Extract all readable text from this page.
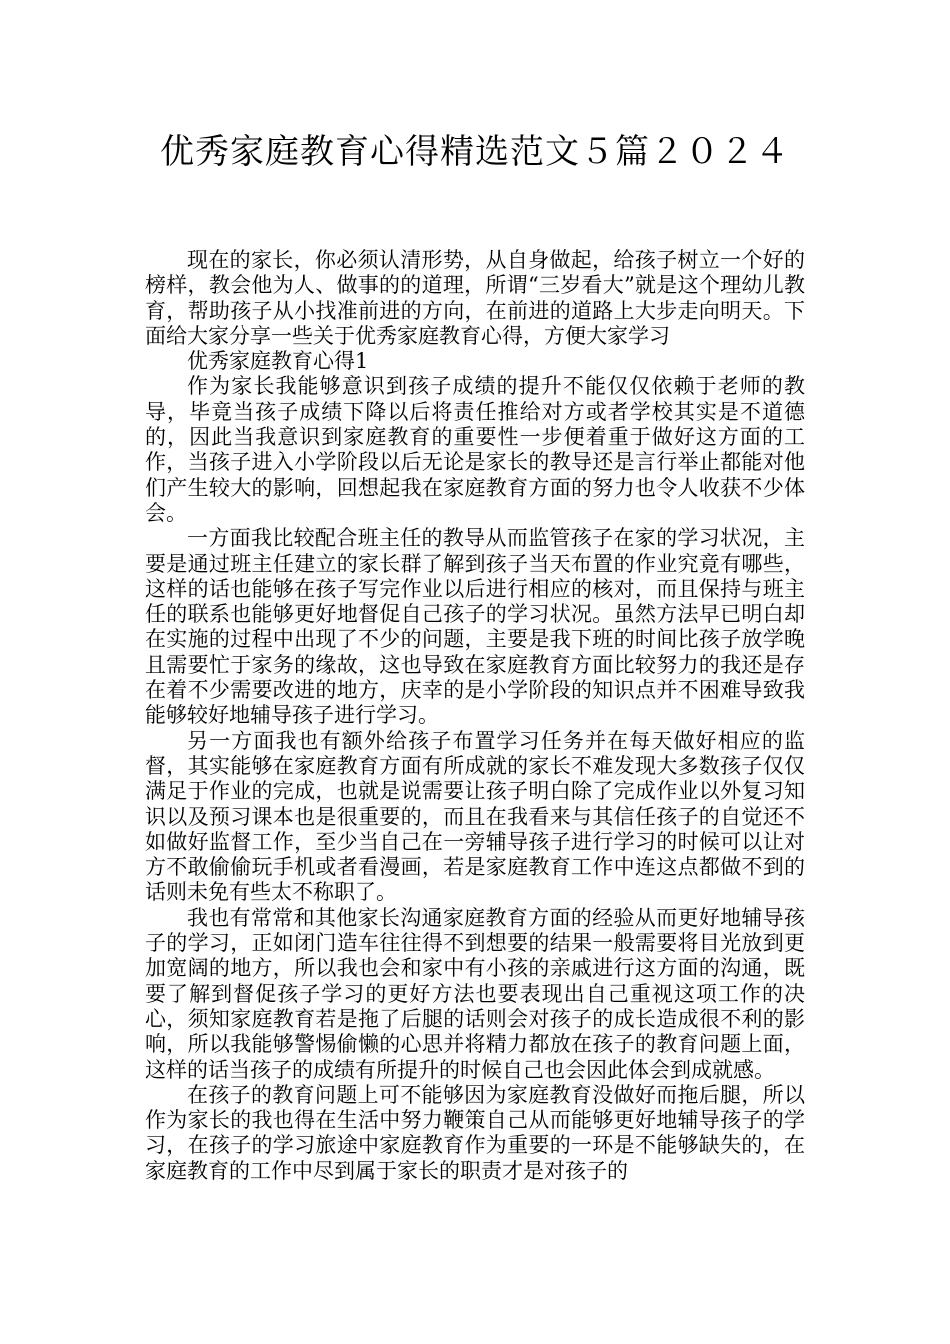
优秀家庭教育心得精选范文５篇２０２４

现在的家长，你必须认清形势，从自身做起，给孩子树立一个好的榜样，教会他为人、做事的的道理，所谓“三岁看大”就是这个理幼儿教育，帮助孩子从小找准前进的方向，在前进的道路上大步走向明天。下面给大家分享一些关于优秀家庭教育心得，方便大家学习

优秀家庭教育心得1

作为家长我能够意识到孩子成绩的提升不能仅仅依赖于老师的教导，毕竟当孩子成绩下降以后将责任推给对方或者学校其实是不道德的，因此当我意识到家庭教育的重要性一步便着重于做好这方面的工作，当孩子进入小学阶段以后无论是家长的教导还是言行举止都能对他们产生较大的影响，回想起我在家庭教育方面的努力也令人收获不少体会。

一方面我比较配合班主任的教导从而监管孩子在家的学习状况，主要是通过班主任建立的家长群了解到孩子当天布置的作业究竟有哪些，这样的话也能够在孩子写完作业以后进行相应的核对，而且保持与班主任的联系也能够更好地督促自己孩子的学习状况。虽然方法早已明白却在实施的过程中出现了不少的问题，主要是我下班的时间比孩子放学晚且需要忙于家务的缘故，这也导致在家庭教育方面比较努力的我还是存在着不少需要改进的地方，庆幸的是小学阶段的知识点并不困难导致我能够较好地辅导孩子进行学习。

另一方面我也有额外给孩子布置学习任务并在每天做好相应的监督，其实能够在家庭教育方面有所成就的家长不难发现大多数孩子仅仅满足于作业的完成，也就是说需要让孩子明白除了完成作业以外复习知识以及预习课本也是很重要的，而且在我看来与其信任孩子的自觉还不如做好监督工作，至少当自己在一旁辅导孩子进行学习的时候可以让对方不敢偷偷玩手机或者看漫画，若是家庭教育工作中连这点都做不到的话则未免有些太不称职了。

我也有常常和其他家长沟通家庭教育方面的经验从而更好地辅导孩子的学习，正如闭门造车往往得不到想要的结果一般需要将目光放到更加宽阔的地方，所以我也会和家中有小孩的亲戚进行这方面的沟通，既要了解到督促孩子学习的更好方法也要表现出自己重视这项工作的决心，须知家庭教育若是拖了后腿的话则会对孩子的成长造成很不利的影响，所以我能够警惕偷懒的心思并将精力都放在孩子的教育问题上面，这样的话当孩子的成绩有所提升的时候自己也会因此体会到成就感。

在孩子的教育问题上可不能够因为家庭教育没做好而拖后腿，所以作为家长的我也得在生活中努力鞭策自己从而能够更好地辅导孩子的学习，在孩子的学习旅途中家庭教育作为重要的一环是不能够缺失的，在家庭教育的工作中尽到属于家长的职责才是对孩子的
